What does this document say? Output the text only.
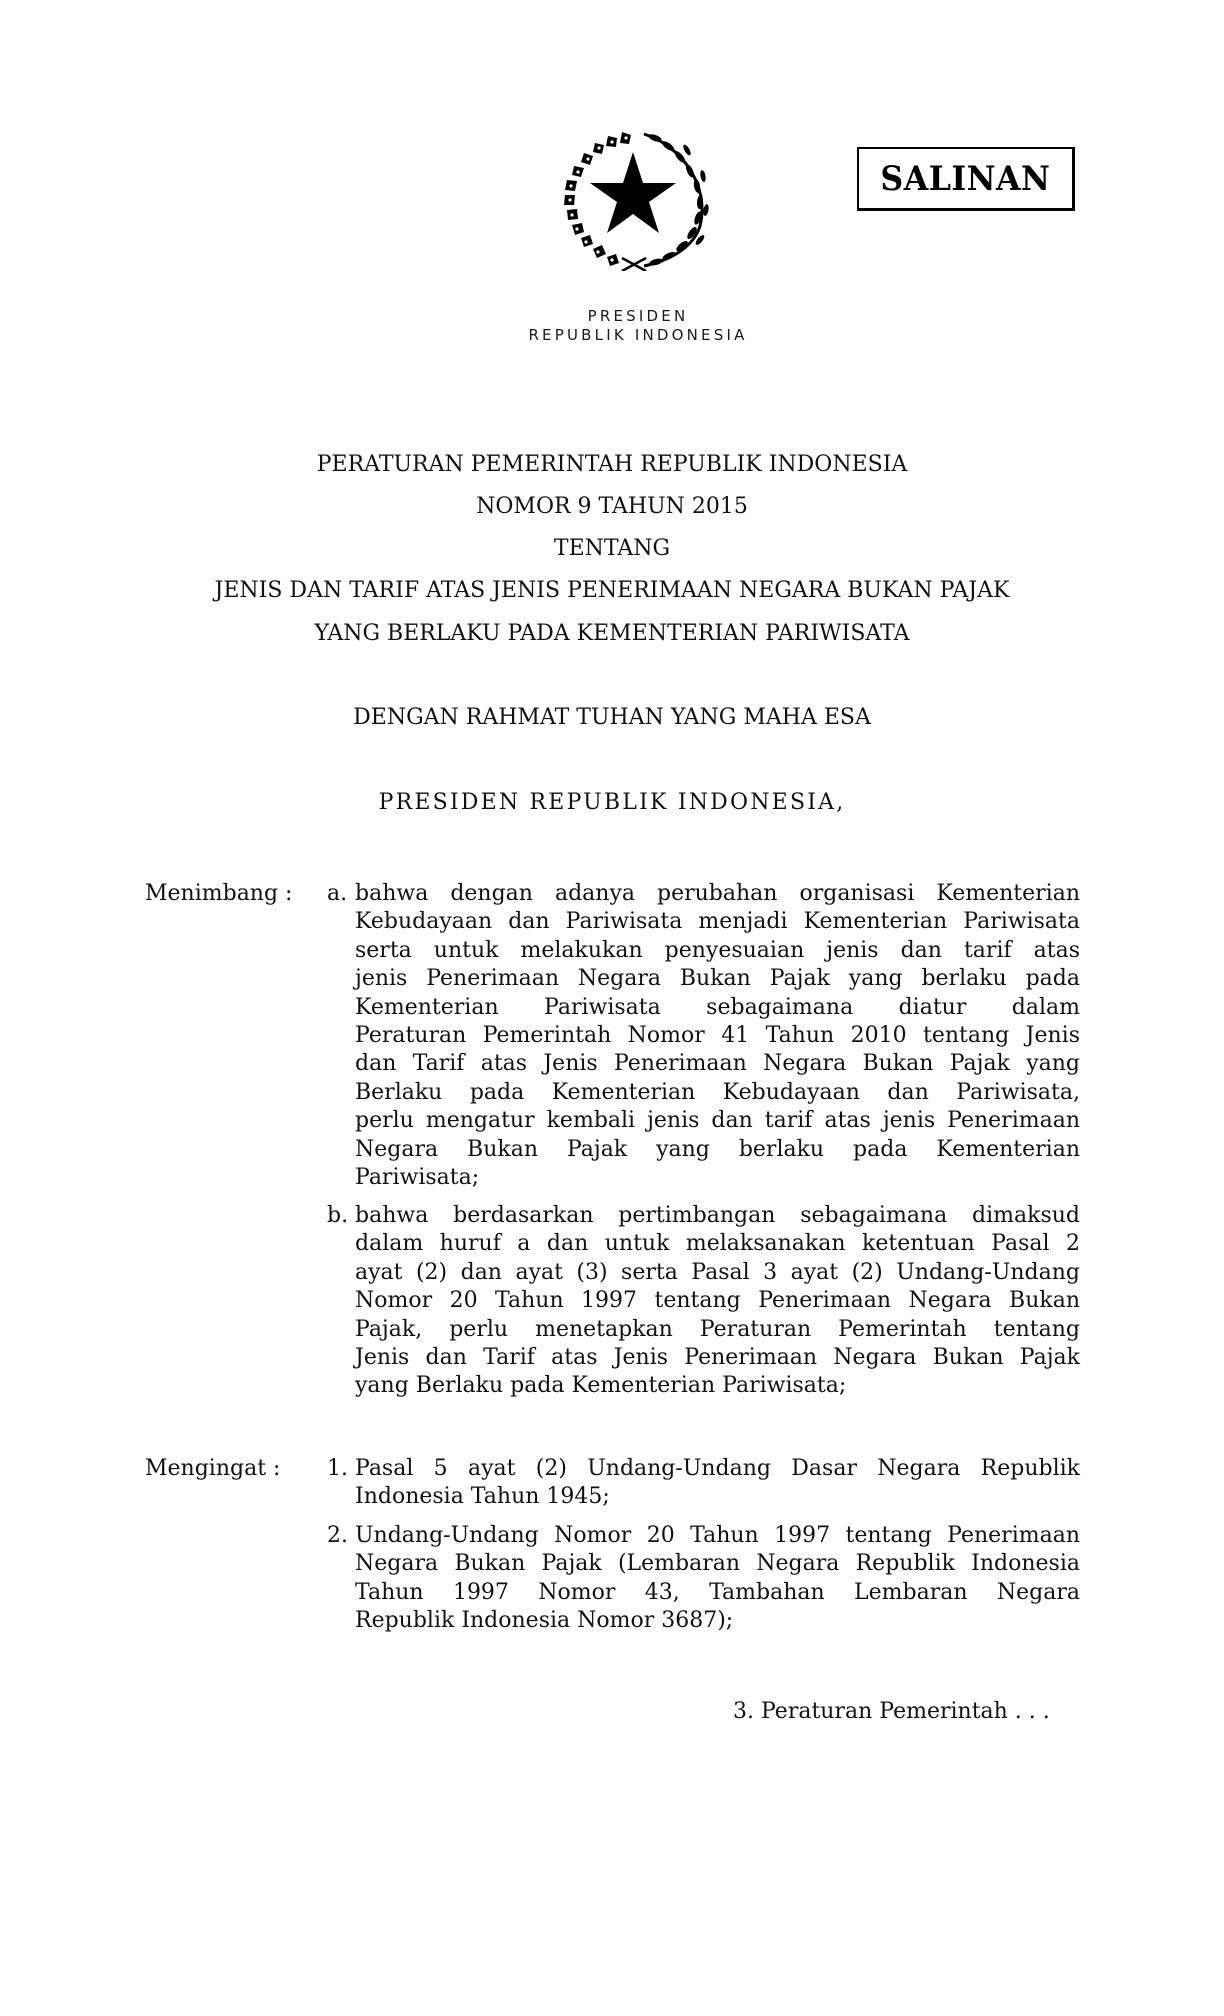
PRESIDEN
REPUBLIK INDONESIA
SALINAN
PERATURAN PEMERINTAH REPUBLIK INDONESIA
NOMOR 9 TAHUN 2015
TENTANG
JENIS DAN TARIF ATAS JENIS PENERIMAAN NEGARA BUKAN PAJAK
YANG BERLAKU PADA KEMENTERIAN PARIWISATA
DENGAN RAHMAT TUHAN YANG MAHA ESA
PRESIDEN REPUBLIK INDONESIA,
Menimbang : a. bahwa dengan adanya perubahan organisasi Kementerian
Kebudayaan dan Pariwisata menjadi Kementerian Pariwisata
serta untuk melakukan penyesuaian jenis dan tarif atas
jenis Penerimaan Negara Bukan Pajak yang berlaku pada
Kementerian Pariwisata sebagaimana diatur dalam
Peraturan Pemerintah Nomor 41 Tahun 2010 tentang Jenis
dan Tarif atas Jenis Penerimaan Negara Bukan Pajak yang
Berlaku pada Kementerian Kebudayaan dan Pariwisata,
perlu mengatur kembali jenis dan tarif atas jenis Penerimaan
Negara Bukan Pajak yang berlaku pada Kementerian
Pariwisata;
b. bahwa berdasarkan pertimbangan sebagaimana dimaksud
dalam huruf a dan untuk melaksanakan ketentuan Pasal 2
ayat (2) dan ayat (3) serta Pasal 3 ayat (2) Undang-Undang
Nomor 20 Tahun 1997 tentang Penerimaan Negara Bukan
Pajak, perlu menetapkan Peraturan Pemerintah tentang
Jenis dan Tarif atas Jenis Penerimaan Negara Bukan Pajak
yang Berlaku pada Kementerian Pariwisata;
Mengingat : 1. Pasal 5 ayat (2) Undang-Undang Dasar Negara Republik
Indonesia Tahun 1945;
2. Undang-Undang Nomor 20 Tahun 1997 tentang Penerimaan
Negara Bukan Pajak (Lembaran Negara Republik Indonesia
Tahun 1997 Nomor 43, Tambahan Lembaran Negara
Republik Indonesia Nomor 3687);
3. Peraturan Pemerintah . . .
